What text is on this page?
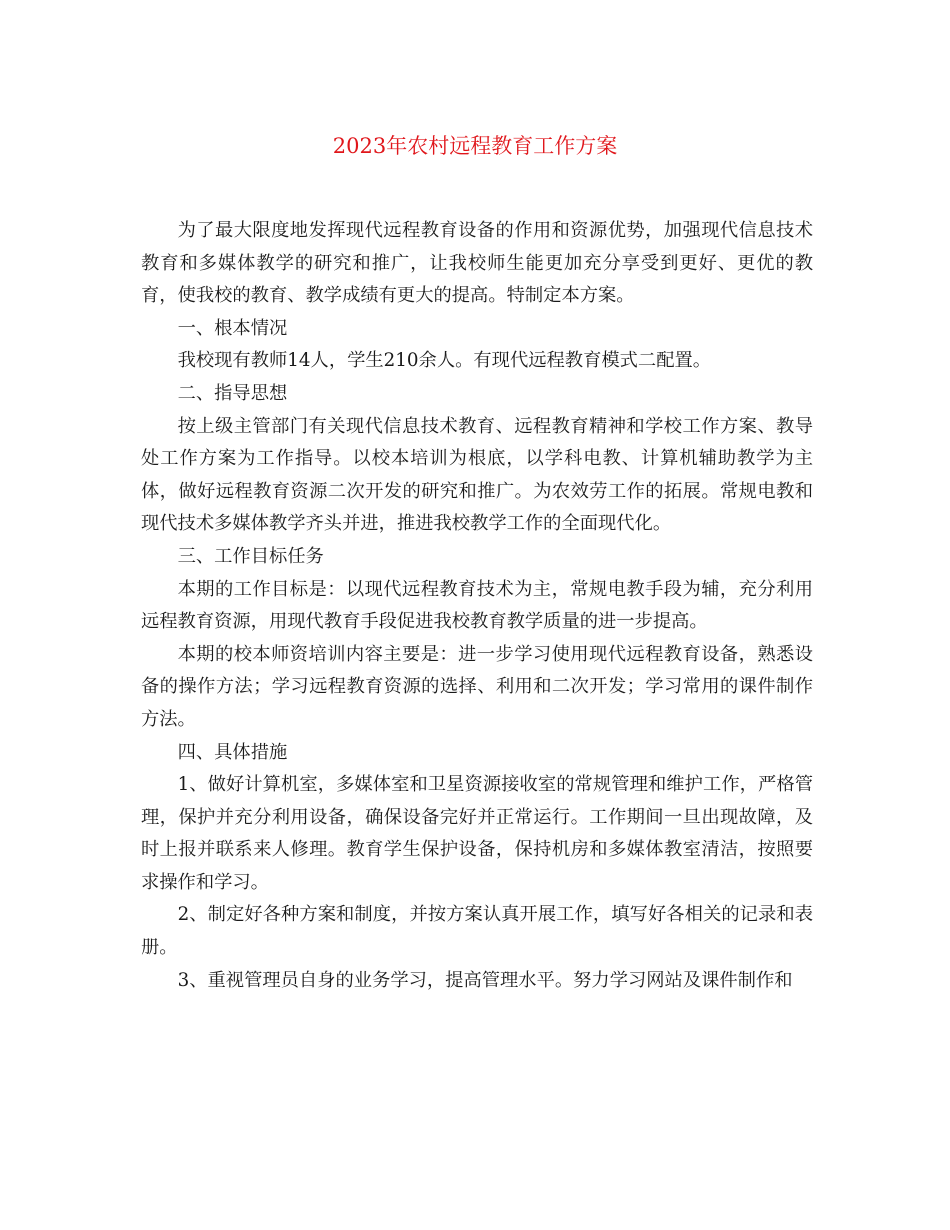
2023年农村远程教育工作方案

为了最大限度地发挥现代远程教育设备的作用和资源优势，加强现代信息技术教育和多媒体教学的研究和推广，让我校师生能更加充分享受到更好、更优的教育，使我校的教育、教学成绩有更大的提高。特制定本方案。

一、根本情况

我校现有教师14人，学生210余人。有现代远程教育模式二配置。

二、指导思想

按上级主管部门有关现代信息技术教育、远程教育精神和学校工作方案、教导处工作方案为工作指导。以校本培训为根底，以学科电教、计算机辅助教学为主体，做好远程教育资源二次开发的研究和推广。为农效劳工作的拓展。常规电教和现代技术多媒体教学齐头并进，推进我校教学工作的全面现代化。

三、工作目标任务

本期的工作目标是：以现代远程教育技术为主，常规电教手段为辅，充分利用远程教育资源，用现代教育手段促进我校教育教学质量的进一步提高。

本期的校本师资培训内容主要是：进一步学习使用现代远程教育设备，熟悉设备的操作方法；学习远程教育资源的选择、利用和二次开发；学习常用的课件制作方法。

四、具体措施

1、做好计算机室，多媒体室和卫星资源接收室的常规管理和维护工作，严格管理，保护并充分利用设备，确保设备完好并正常运行。工作期间一旦出现故障，及时上报并联系来人修理。教育学生保护设备，保持机房和多媒体教室清洁，按照要求操作和学习。

2、制定好各种方案和制度，并按方案认真开展工作，填写好各相关的记录和表册。

3、重视管理员自身的业务学习，提高管理水平。努力学习网站及课件制作和
